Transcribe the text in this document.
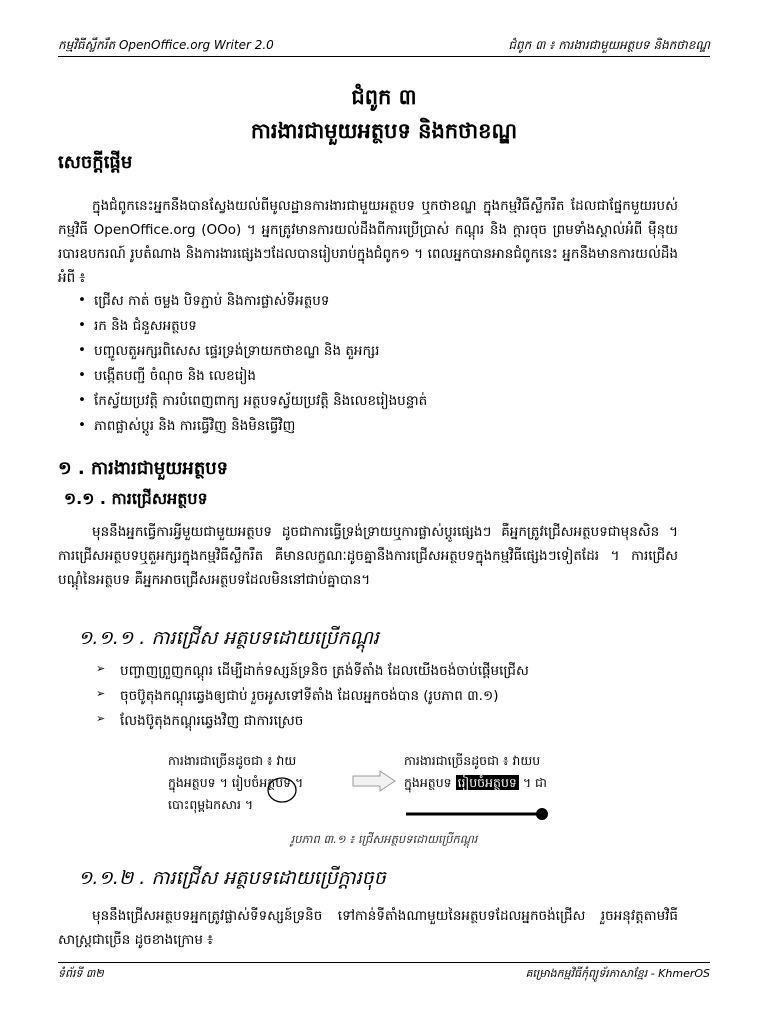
កម្មវិធីស្លឹករឹត OpenOffice.org Writer 2.0	ជំពូក ៣ ៖ ការងារជាមួយអត្ថបទ និងកថាខណ្ឌ
ជំពូក ៣
ការងារជាមួយអត្ថបទ និងកថាខណ្ឌ
សេចក្ដីផ្ដើម
ក្នុងជំពូកនេះអ្នកនឹងបានស្វែងយល់ពីមូលដ្ឋានការងារជាមួយអត្ថបទ ឬកថាខណ្ឌ ក្នុងកម្មវិធីស្លឹករឹត ដែលជាផ្នែកមួយរបស់កម្មវិធី OpenOffice.org (OOo) ។ អ្នកត្រូវមានការយល់ដឹងពីការប្រើប្រាស់ កណ្ដុរ និង ក្ដារចុច ព្រមទាំងស្គាល់អំពី ម៉ឺនុយ របារឧបករណ៍ រូបតំណាង និងការងារផ្សេងៗដែលបានរៀបរាប់ក្នុងជំពូក១ ។ ពេលអ្នកបានអានជំពូកនេះ អ្នកនឹងមានការយល់ដឹងអំពី ៖
• ជ្រើស កាត់ ចម្លង បិទភ្ជាប់ និងការផ្លាស់ទីអត្ថបទ
• រក និង ជំនួសអត្ថបទ
• បញ្ចូលតួអក្សរពិសេស ផ្ទេរទ្រង់ទ្រាយកថាខណ្ឌ និង តួអក្សរ
• បង្កើតបញ្ជី ចំណុច និង លេខរៀង
• កែស្វ័យប្រវត្តិ ការបំពេញពាក្យ អត្ថបទស្វ័យប្រវត្តិ និងលេខរៀងបន្ទាត់
• ភាពផ្លាស់ប្ដូរ និង ការធ្វើវិញ និងមិនធ្វើវិញ
១ . ការងារជាមួយអត្ថបទ
១.១ . ការជ្រើសអត្ថបទ
មុននឹងអ្នកធ្វើការអ្វីមួយជាមួយអត្ថបទ ដូចជាការធ្វើទ្រង់ទ្រាយឬការផ្លាស់ប្ដូរផ្សេងៗ គឺអ្នកត្រូវជ្រើសអត្ថបទជាមុនសិន ។ ការជ្រើសអត្ថបទឬតួអក្សរក្នុងកម្មវិធីស្លឹករឹត គឺមានលក្ខណៈដូចគ្នានឹងការជ្រើសអត្ថបទក្នុងកម្មវិធីផ្សេងៗទៀតដែរ ។ ការជ្រើសបណ្ដុំនៃអត្ថបទ គឺអ្នកអាចជ្រើសអត្ថបទដែលមិននៅជាប់គ្នាបាន។
១.១.១ . ការជ្រើស អត្ថបទដោយប្រើកណ្ដុរ
➢ បញ្ចាញព្រួញកណ្ដុរ ដើម្បីដាក់ទស្សន៍ទ្រនិច ត្រង់ទីតាំង ដែលយើងចង់ចាប់ផ្ដើមជ្រើស
➢ ចុចប៊ូតុងកណ្ដុរឆ្វេងឲ្យជាប់ រួចអូសទៅទីតាំង ដែលអ្នកចង់បាន (រូបភាព ៣.១)
➢ លែងប៊ូតុងកណ្ដុរឆ្វេងវិញ ជាការស្រេច
ការងារជាច្រើនដូចជា ៖ វាយ
ក្នុងអត្ថបទ ។ រៀបចំអត្ថបទ ។
បោះពុម្ពឯកសារ ។
ការងារជាច្រើនដូចជា ៖ វាយប
ក្នុងអត្ថបទ រៀបចំអត្ថបទ ។ ជា
រូបភាព ៣.១ ៖ ជ្រើសអត្ថបទដោយប្រើកណ្ដុរ
១.១.២ . ការជ្រើស អត្ថបទដោយប្រើក្ដារចុច
មុននឹងជ្រើសអត្ថបទអ្នកត្រូវផ្លាស់ទីទស្សន៍ទ្រនិច ទៅកាន់ទីតាំងណាមួយនៃអត្ថបទដែលអ្នកចង់ជ្រើស រួចអនុវត្តតាមវិធីសាស្ត្រជាច្រើន ដូចខាងក្រោម ៖
ទំព័រទី ៣២	គម្រោងកម្មវិធីកុំព្យូទ័រភាសាខ្មែរ - KhmerOS
